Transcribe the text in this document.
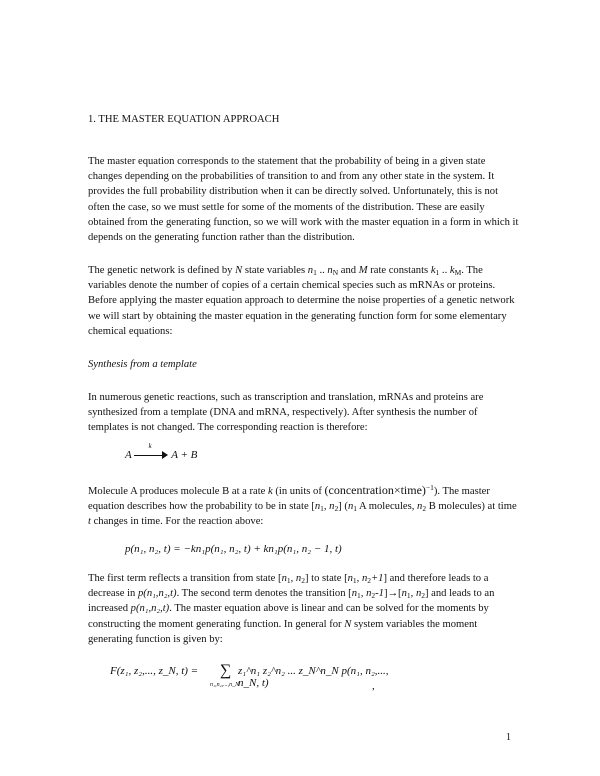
1. THE MASTER EQUATION APPROACH
The master equation corresponds to the statement that the probability of being in a given state changes depending on the probabilities of transition to and from any other state in the system. It provides the full probability distribution when it can be directly solved. Unfortunately, this is not often the case, so we must settle for some of the moments of the distribution. These are easily obtained from the generating function, so we will work with the master equation in a form in which it depends on the generating function rather than the distribution.
The genetic network is defined by N state variables $n_1$ .. $n_N$ and M rate constants $k_1$ .. $k_M$. The variables denote the number of copies of a certain chemical species such as mRNAs or proteins. Before applying the master equation approach to determine the noise properties of a genetic network we will start by obtaining the master equation in the generating function form for some elementary chemical equations:
Synthesis from a template
In numerous genetic reactions, such as transcription and translation, mRNAs and proteins are synthesized from a template (DNA and mRNA, respectively). After synthesis the number of templates is not changed. The corresponding reaction is therefore:
A
k
A + B
Molecule A produces molecule B at a rate k (in units of (concentration×time)$^{-1}$). The master equation describes how the probability to be in state [$n_1$, $n_2$] ($n_1$ A molecules, $n_2$ B molecules) at time t changes in time. For the reaction above:
p(n₁, n₂, t) = −kn₁p(n₁, n₂, t) + kn₁p(n₁, n₂ − 1, t)
The first term reflects a transition from state [$n_1$, $n_2$] to state [$n_1$, $n_2+1$] and therefore leads to a decrease in p(n₁,n₂,t). The second term denotes the transition [$n_1$, $n_2-1]\to[n_1$, $n_2$] and leads to an increased p(n₁,n₂,t). The master equation above is linear and can be solved for the moments by constructing the moment generating function. In general for N system variables the moment generating function is given by:
F(z₁, z₂,..., z_N, t) = ∑
n₁,n₂,...,n_N
z₁^n₁ z₂^n₂ ... z_N^n_N p(n₁, n₂,..., n_N, t)	,
1
